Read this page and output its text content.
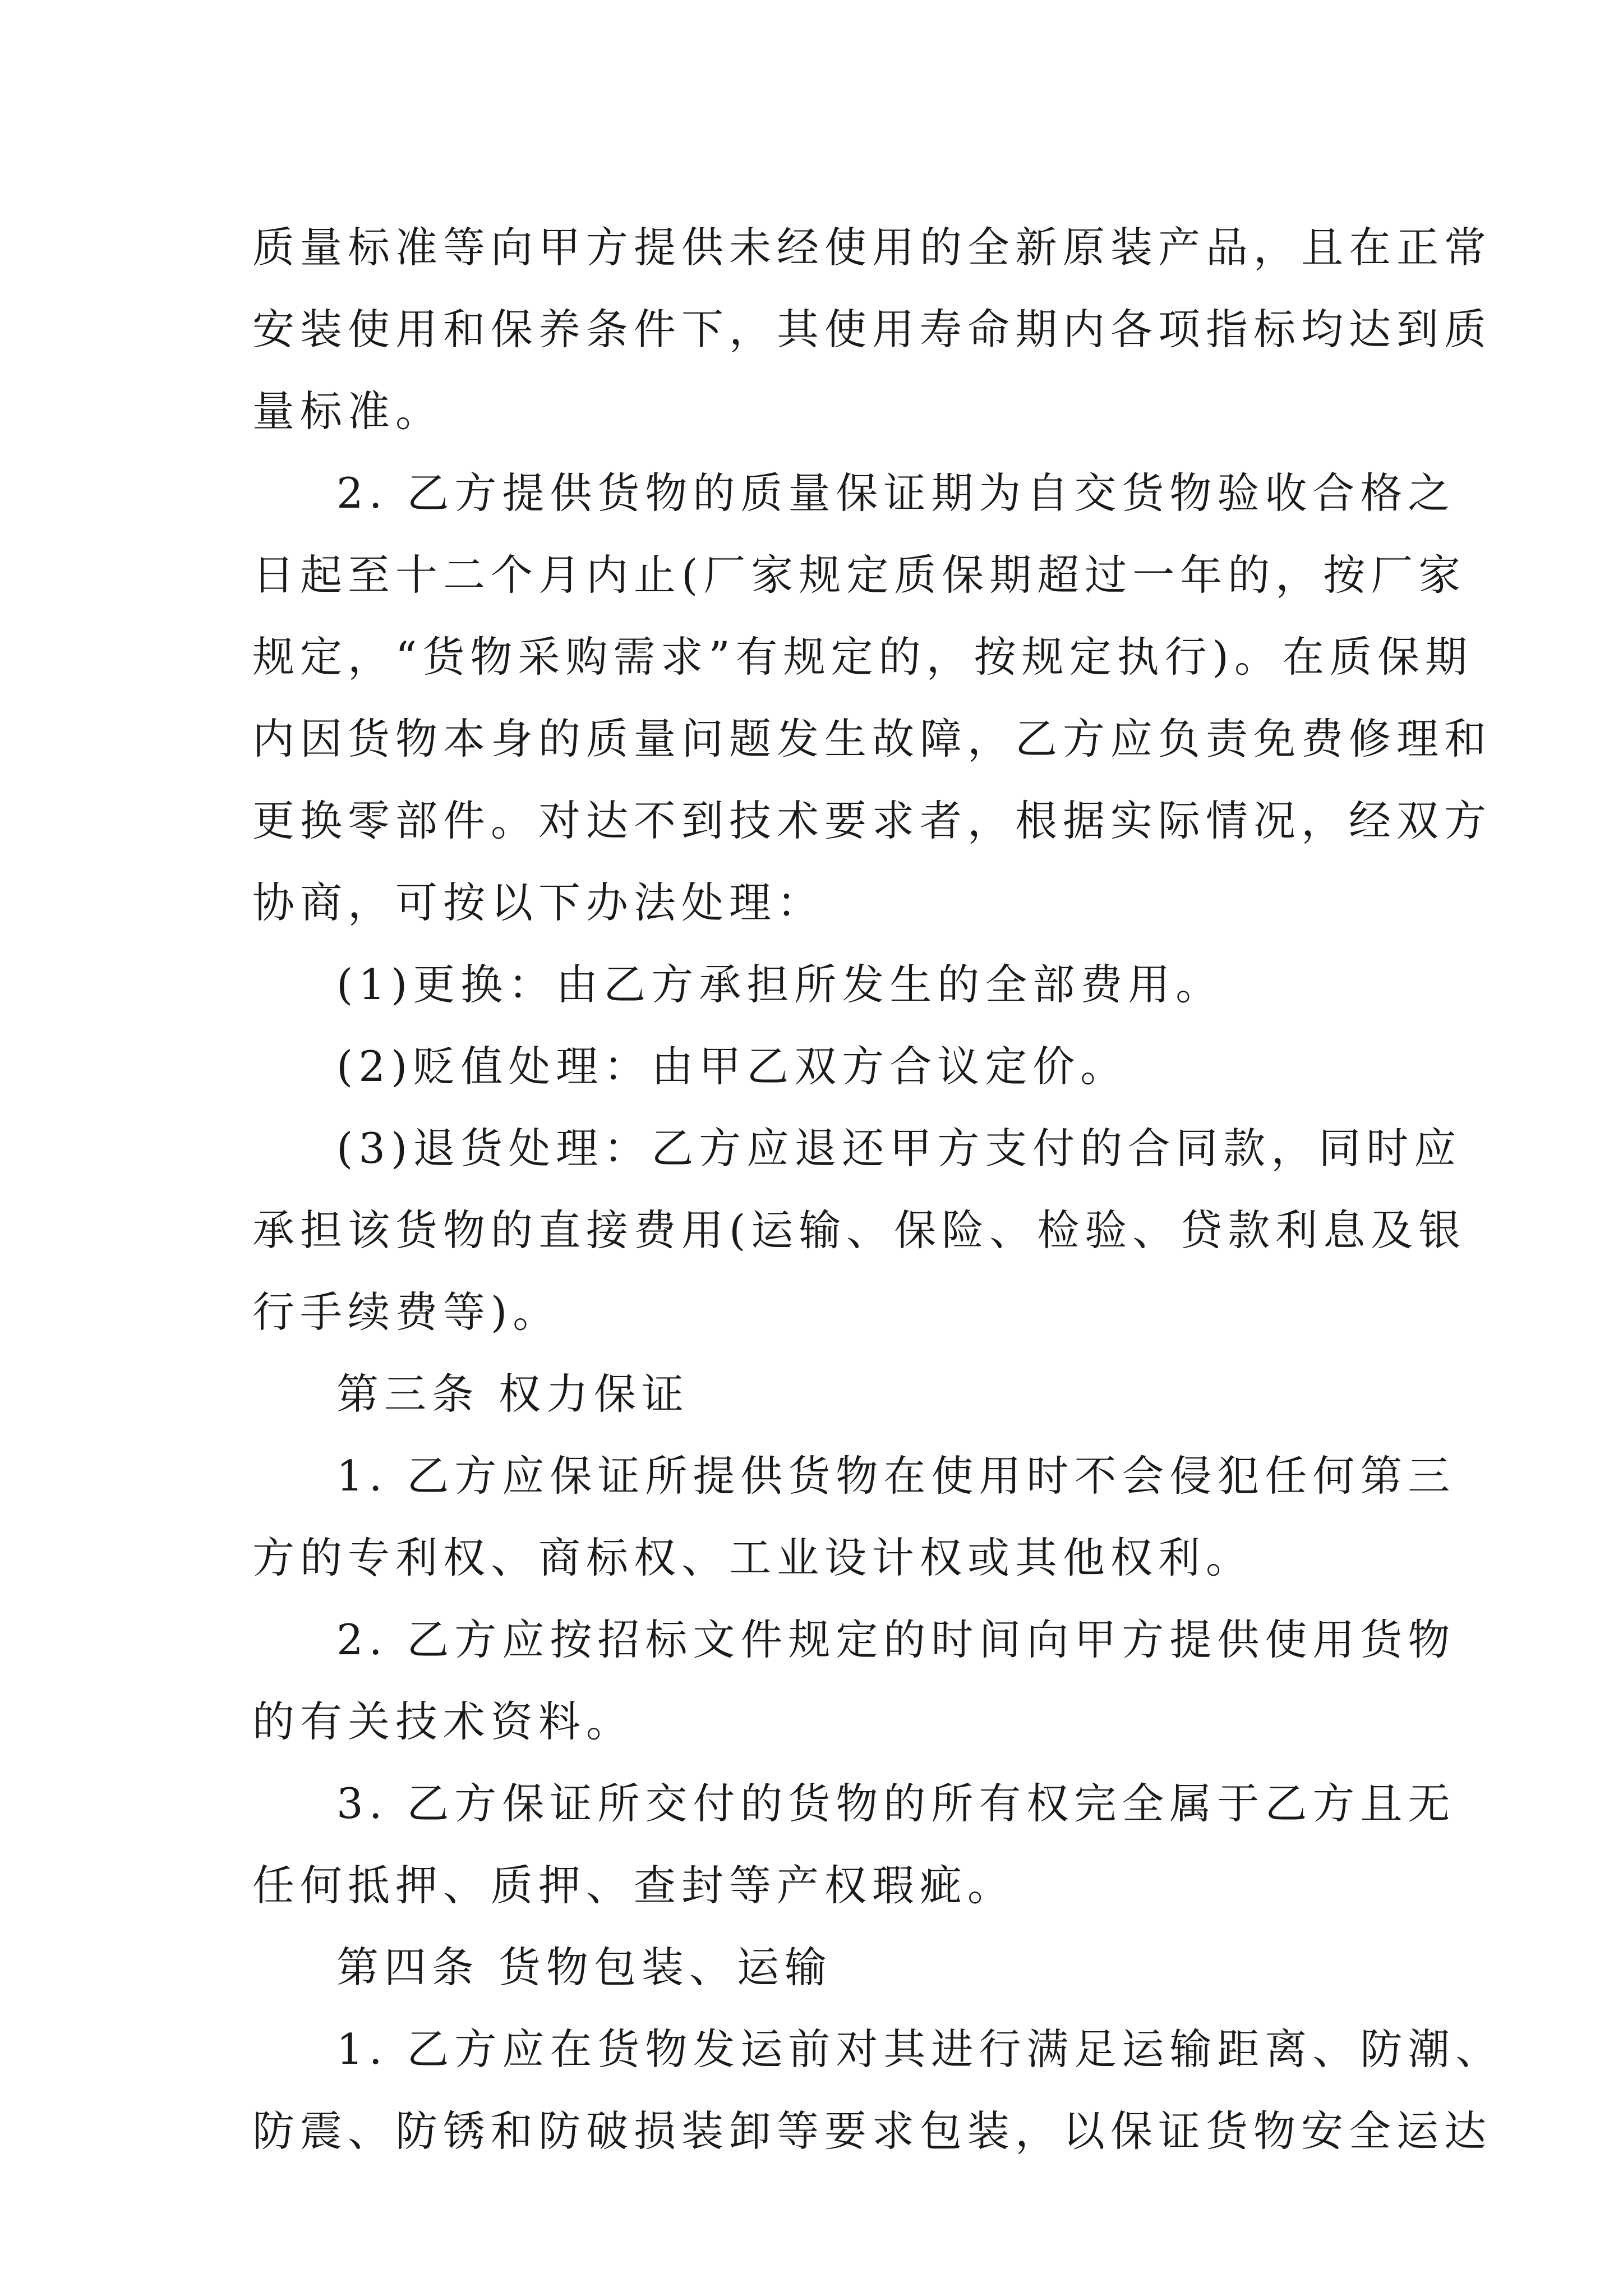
质量标准等向甲方提供未经使用的全新原装产品，且在正常
安装使用和保养条件下，其使用寿命期内各项指标均达到质
量标准。
2. 乙方提供货物的质量保证期为自交货物验收合格之
日起至十二个月内止(厂家规定质保期超过一年的，按厂家
规定，“货物采购需求”有规定的，按规定执行)。在质保期
内因货物本身的质量问题发生故障，乙方应负责免费修理和
更换零部件。对达不到技术要求者，根据实际情况，经双方
协商，可按以下办法处理：
(1)更换：由乙方承担所发生的全部费用。
(2)贬值处理：由甲乙双方合议定价。
(3)退货处理：乙方应退还甲方支付的合同款，同时应
承担该货物的直接费用(运输、保险、检验、贷款利息及银
行手续费等)。
第三条 权力保证
1. 乙方应保证所提供货物在使用时不会侵犯任何第三
方的专利权、商标权、工业设计权或其他权利。
2. 乙方应按招标文件规定的时间向甲方提供使用货物
的有关技术资料。
3. 乙方保证所交付的货物的所有权完全属于乙方且无
任何抵押、质押、查封等产权瑕疵。
第四条 货物包装、运输
1. 乙方应在货物发运前对其进行满足运输距离、防潮、
防震、防锈和防破损装卸等要求包装，以保证货物安全运达
